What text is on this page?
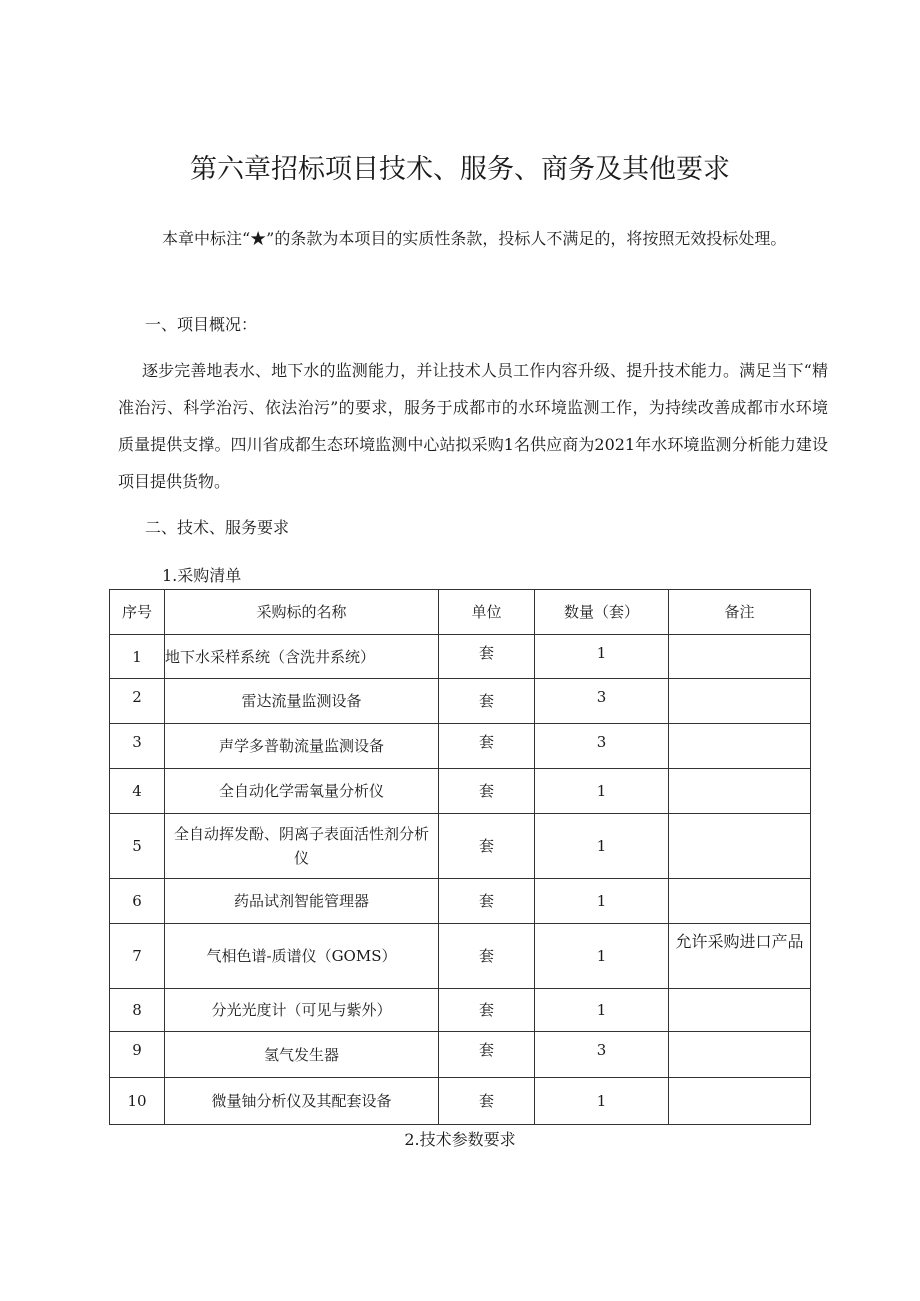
第六章招标项目技术、服务、商务及其他要求
本章中标注“★”的条款为本项目的实质性条款，投标人不满足的，将按照无效投标处理。
一、项目概况：
逐步完善地表水、地下水的监测能力，并让技术人员工作内容升级、提升技术能力。满足当下“精准治污、科学治污、依法治污”的要求，服务于成都市的水环境监测工作，为持续改善成都市水环境质量提供支撑。四川省成都生态环境监测中心站拟采购1名供应商为2021年水环境监测分析能力建设项目提供货物。
二、技术、服务要求
1.采购清单
序号	采购标的名称	单位	数量（套）	备注
1	地下水采样系统（含洗井系统）	套	1	
2	雷达流量监测设备	套	3	
3	声学多普勒流量监测设备	套	3	
4	全自动化学需氧量分析仪	套	1	
5	全自动挥发酚、阴离子表面活性剂分析仪	套	1	
6	药品试剂智能管理器	套	1	
7	气相色谱-质谱仪（GOMS）	套	1	允许采购进口产品
8	分光光度计（可见与紫外）	套	1	
9	氢气发生器	套	3	
10	微量铀分析仪及其配套设备	套	1	
2.技术参数要求
